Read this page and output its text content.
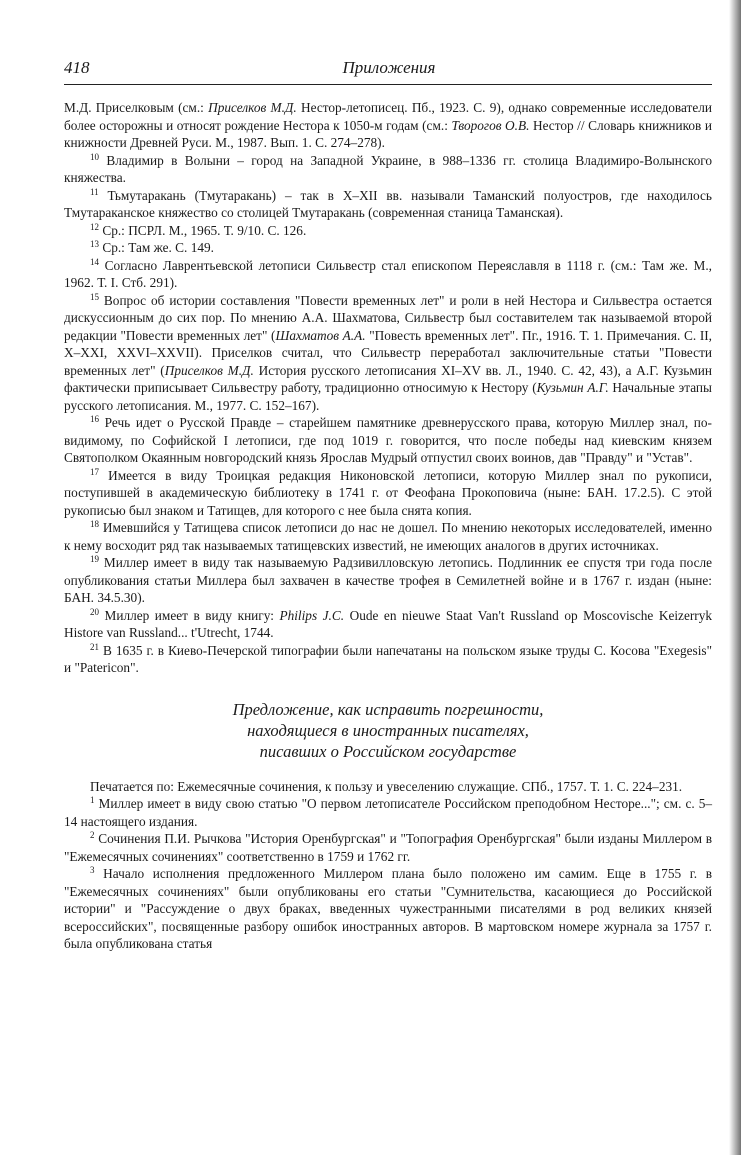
418	Приложения

М.Д. Приселковым (см.: Приселков М.Д. Нестор-летописец. Пб., 1923. С. 9), однако современные исследователи более осторожны и относят рождение Нестора к 1050-м годам (см.: Творогов О.В. Нестор // Словарь книжников и книжности Древней Руси. М., 1987. Вып. 1. С. 274–278).

$^{10}$ Владимир в Волыни – город на Западной Украине, в 988–1336 гг. столица Владимиро-Волынского княжества.

$^{11}$ Тьмутаракань (Тмутаракань) – так в X–XII вв. называли Таманский полуостров, где находилось Тмутараканское княжество со столицей Тмутаракань (современная станица Таманская).

$^{12}$ Ср.: ПСРЛ. М., 1965. Т. 9/10. С. 126.

$^{13}$ Ср.: Там же. С. 149.

$^{14}$ Согласно Лаврентьевской летописи Сильвестр стал епископом Переяславля в 1118 г. (см.: Там же. М., 1962. Т. I. Стб. 291).

$^{15}$ Вопрос об истории составления "Повести временных лет" и роли в ней Нестора и Сильвестра остается дискуссионным до сих пор. По мнению А.А. Шахматова, Сильвестр был составителем так называемой второй редакции "Повести временных лет" (Шахматов А.А. "Повесть временных лет". Пг., 1916. Т. 1. Примечания. С. II, X–XXI, XXVI–XXVII). Приселков считал, что Сильвестр переработал заключительные статьи "Повести временных лет" (Приселков М.Д. История русского летописания XI–XV вв. Л., 1940. С. 42, 43), а А.Г. Кузьмин фактически приписывает Сильвестру работу, традиционно относимую к Нестору (Кузьмин А.Г. Начальные этапы русского летописания. М., 1977. С. 152–167).

$^{16}$ Речь идет о Русской Правде – старейшем памятнике древнерусского права, которую Миллер знал, по-видимому, по Софийской I летописи, где под 1019 г. говорится, что после победы над киевским князем Святополком Окаянным новгородский князь Ярослав Мудрый отпустил своих воинов, дав "Правду" и "Устав".

$^{17}$ Имеется в виду Троицкая редакция Никоновской летописи, которую Миллер знал по рукописи, поступившей в академическую библиотеку в 1741 г. от Феофана Прокоповича (ныне: БАН. 17.2.5). С этой рукописью был знаком и Татищев, для которого с нее была снята копия.

$^{18}$ Имевшийся у Татищева список летописи до нас не дошел. По мнению некоторых исследователей, именно к нему восходит ряд так называемых татищевских известий, не имеющих аналогов в других источниках.

$^{19}$ Миллер имеет в виду так называемую Радзивилловскую летопись. Подлинник ее спустя три года после опубликования статьи Миллера был захвачен в качестве трофея в Семилетней войне и в 1767 г. издан (ныне: БАН. 34.5.30).

$^{20}$ Миллер имеет в виду книгу: Philips J.C. Oude en nieuwe Staat Van't Russland op Moscovische Keizerryk Histore van Russland... t'Utrecht, 1744.

$^{21}$ В 1635 г. в Киево-Печерской типографии были напечатаны на польском языке труды С. Косова "Exegesis" и "Patericon".

Предложение, как исправить погрешности,
находящиеся в иностранных писателях,
писавших о Российском государстве

Печатается по: Ежемесячные сочинения, к пользу и увеселению служащие. СПб., 1757. Т. 1. С. 224–231.

$^1$ Миллер имеет в виду свою статью "О первом летописателе Российском преподобном Несторе..."; см. с. 5–14 настоящего издания.

$^2$ Сочинения П.И. Рычкова "История Оренбургская" и "Топография Оренбургская" были изданы Миллером в "Ежемесячных сочинениях" соответственно в 1759 и 1762 гг.

$^3$ Начало исполнения предложенного Миллером плана было положено им самим. Еще в 1755 г. в "Ежемесячных сочинениях" были опубликованы его статьи "Сумнительства, касающиеся до Российской истории" и "Рассуждение о двух браках, введенных чужестранными писателями в род великих князей всероссийских", посвященные разбору ошибок иностранных авторов. В мартовском номере журнала за 1757 г. была опубликована статья
